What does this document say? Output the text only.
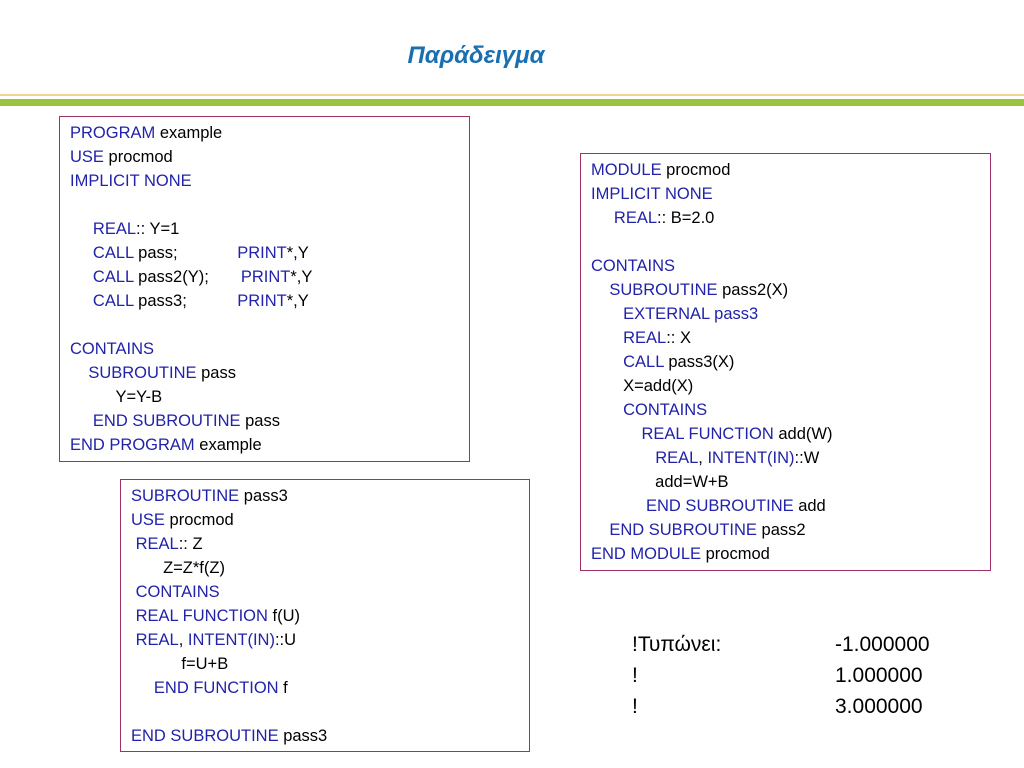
Παράδειγμα
PROGRAM example
USE procmod
IMPLICIT NONE
REAL:: Y=1
CALL pass;             PRINT*,Y
CALL pass2(Y);       PRINT*,Y
CALL pass3;           PRINT*,Y
CONTAINS
SUBROUTINE pass
Y=Y-B
END SUBROUTINE pass
END PROGRAM example
MODULE procmod
IMPLICIT NONE
REAL:: B=2.0
CONTAINS
SUBROUTINE pass2(X)
EXTERNAL pass3
REAL:: X
CALL pass3(X)
X=add(X)
CONTAINS
REAL FUNCTION add(W)
REAL, INTENT(IN)::W
add=W+B
END SUBROUTINE add
END SUBROUTINE pass2
END MODULE procmod
SUBROUTINE pass3
USE procmod
REAL:: Z
Z=Z*f(Z)
CONTAINS
REAL FUNCTION f(U)
REAL, INTENT(IN)::U
f=U+B
END FUNCTION f
END SUBROUTINE pass3
!Τυπώνει:	-1.000000
!	1.000000
!	3.000000
